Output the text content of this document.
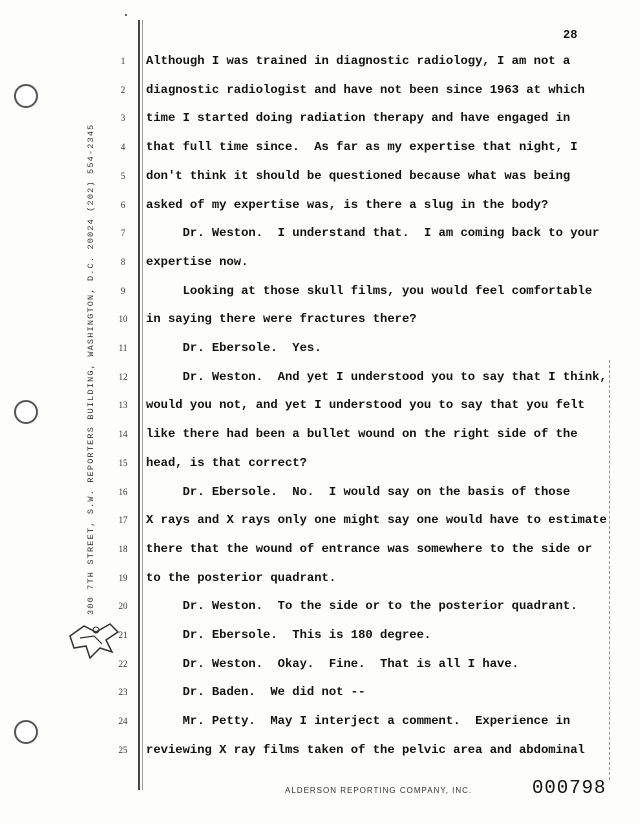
300 7TH STREET, S.W. REPORTERS BUILDING, WASHINGTON, D.C. 20024 (202) 554-2345
28
1	Although I was trained in diagnostic radiology, I am not a
2	diagnostic radiologist and have not been since 1963 at which
3	time I started doing radiation therapy and have engaged in
4	that full time since.  As far as my expertise that night, I
5	don't think it should be questioned because what was being
6	asked of my expertise was, is there a slug in the body?
7	Dr. Weston.  I understand that.  I am coming back to your
8	expertise now.
9	Looking at those skull films, you would feel comfortable
10	in saying there were fractures there?
11	Dr. Ebersole.  Yes.
12	Dr. Weston.  And yet I understood you to say that I think,
13	would you not, and yet I understood you to say that you felt
14	like there had been a bullet wound on the right side of the
15	head, is that correct?
16	Dr. Ebersole.  No.  I would say on the basis of those
17	X rays and X rays only one might say one would have to estimate
18	there that the wound of entrance was somewhere to the side or
19	to the posterior quadrant.
20	Dr. Weston.  To the side or to the posterior quadrant.
21	Dr. Ebersole.  This is 180 degree.
22	Dr. Weston.  Okay.  Fine.  That is all I have.
23	Dr. Baden.  We did not --
24	Mr. Petty.  May I interject a comment.  Experience in
25	reviewing X ray films taken of the pelvic area and abdominal
ALDERSON REPORTING COMPANY, INC.	000798
